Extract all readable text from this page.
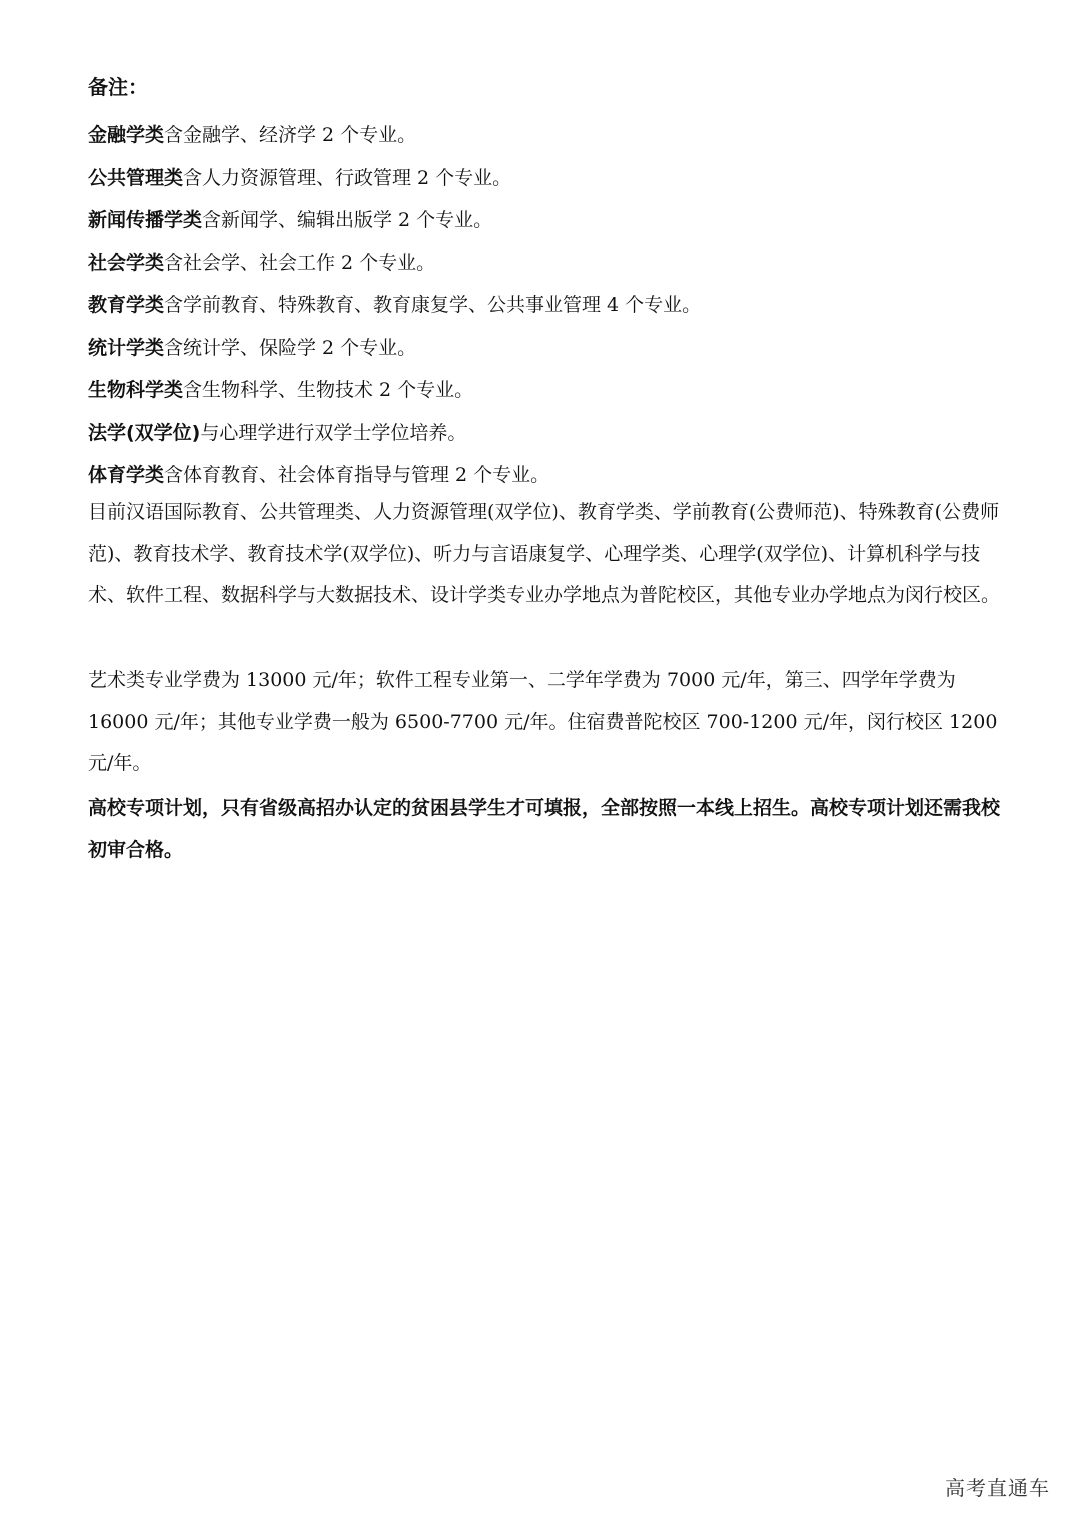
备注：
金融学类含金融学、经济学 2 个专业。
公共管理类含人力资源管理、行政管理 2 个专业。
新闻传播学类含新闻学、编辑出版学 2 个专业。
社会学类含社会学、社会工作 2 个专业。
教育学类含学前教育、特殊教育、教育康复学、公共事业管理 4 个专业。
统计学类含统计学、保险学 2 个专业。
生物科学类含生物科学、生物技术 2 个专业。
法学(双学位)与心理学进行双学士学位培养。
体育学类含体育教育、社会体育指导与管理 2 个专业。
目前汉语国际教育、公共管理类、人力资源管理(双学位)、教育学类、学前教育(公费师范)、特殊教育(公费师范)、教育技术学、教育技术学(双学位)、听力与言语康复学、心理学类、心理学(双学位)、计算机科学与技术、软件工程、数据科学与大数据技术、设计学类专业办学地点为普陀校区，其他专业办学地点为闵行校区。
艺术类专业学费为 13000 元/年；软件工程专业第一、二学年学费为 7000 元/年，第三、四学年学费为 16000 元/年；其他专业学费一般为 6500-7700 元/年。住宿费普陀校区 700-1200 元/年，闵行校区 1200 元/年。
高校专项计划，只有省级高招办认定的贫困县学生才可填报，全部按照一本线上招生。高校专项计划还需我校初审合格。
高考直通车
